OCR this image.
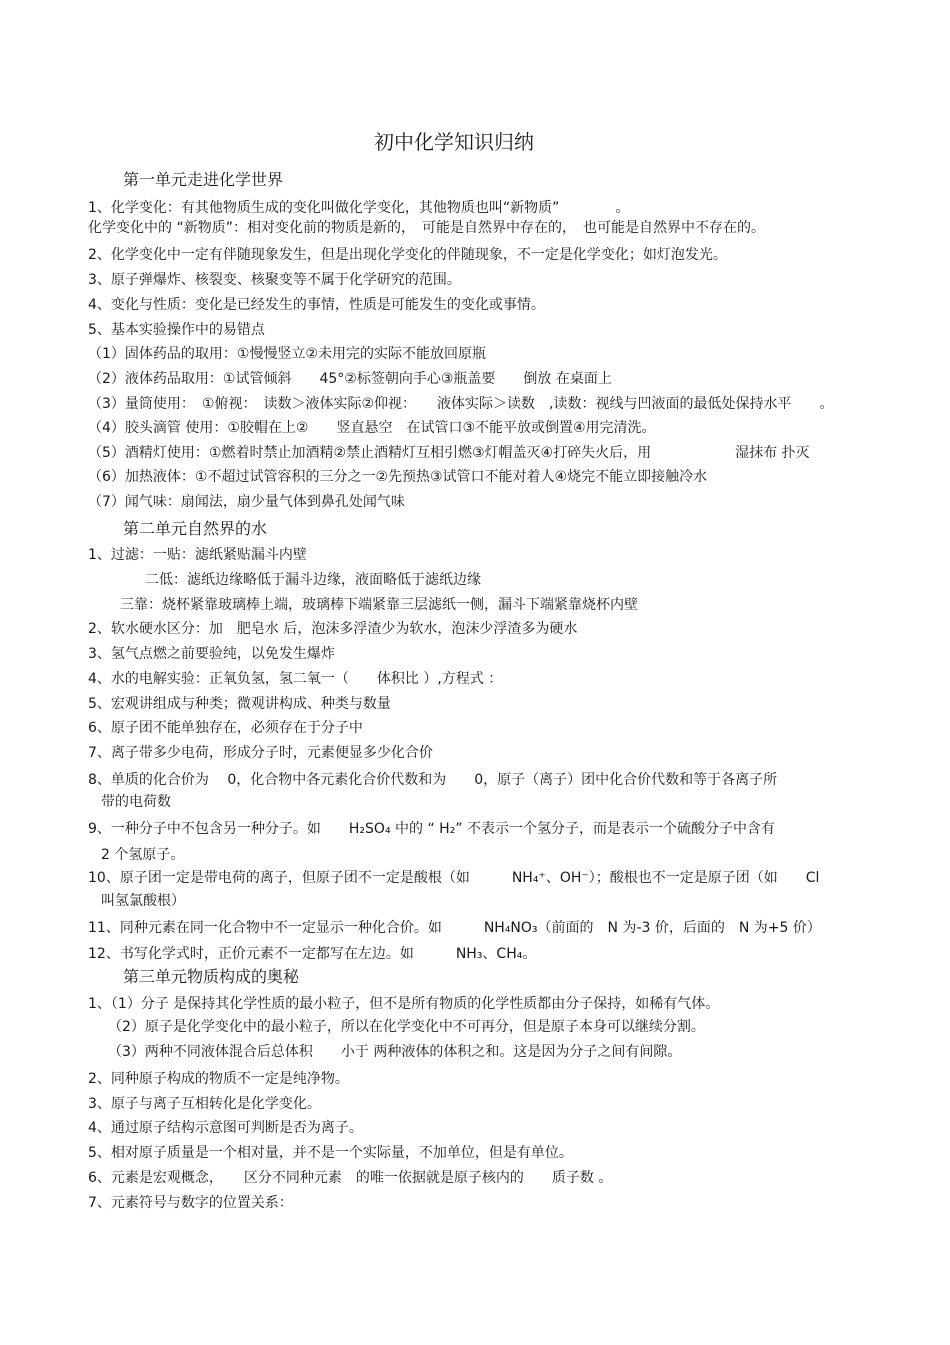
初中化学知识归纳
第一单元走进化学世界
1、化学变化：有其他物质生成的变化叫做化学变化，其他物质也叫“新物质”　　　　。
化学变化中的 “新物质”：相对变化前的物质是新的，　可能是自然界中存在的，　也可能是自然界中不存在的。
2、化学变化中一定有伴随现象发生，但是出现化学变化的伴随现象，不一定是化学变化；如灯泡发光。
3、原子弹爆炸、核裂变、核聚变等不属于化学研究的范围。
4、变化与性质：变化是已经发生的事情，性质是可能发生的变化或事情。
5、基本实验操作中的易错点
（1）固体药品的取用：①慢慢竖立②未用完的实际不能放回原瓶
（2）液体药品取用：①试管倾斜　　45°②标签朝向手心③瓶盖要　　倒放 在桌面上
（3）量筒使用：　①俯视：　读数＞液体实际②仰视：　　液体实际＞读数　,读数：视线与凹液面的最低处保持水平　　。
（4）胶头滴管 使用：①胶帽在上②　　竖直悬空　在试管口③不能平放或倒置④用完清洗。
（5）酒精灯使用：①燃着时禁止加酒精②禁止酒精灯互相引燃③灯帽盖灭④打碎失火后，用　　　　　　湿抹布 扑灭
（6）加热液体：①不超过试管容积的三分之一②先预热③试管口不能对着人④烧完不能立即接触冷水
（7）闻气味：扇闻法，扇少量气体到鼻孔处闻气味
第二单元自然界的水
1、过滤：一贴：滤纸紧贴漏斗内壁
二低：滤纸边缘略低于漏斗边缘，液面略低于滤纸边缘
三靠：烧杯紧靠玻璃棒上端，玻璃棒下端紧靠三层滤纸一侧，漏斗下端紧靠烧杯内壁
2、软水硬水区分：加　肥皂水 后，泡沫多浮渣少为软水，泡沫少浮渣多为硬水
3、氢气点燃之前要验纯，以免发生爆炸
4、水的电解实验：正氧负氢，氢二氧一（　　体积比 ）,方程式 ：
5、宏观讲组成与种类；微观讲构成、种类与数量
6、原子团不能单独存在，必须存在于分子中
7、离子带多少电荷，形成分子时，元素便显多少化合价
8、单质的化合价为　 0，化合物中各元素化合价代数和为　　0，原子（离子）团中化合价代数和等于各离子所
带的电荷数
9、一种分子中不包含另一种分子。如　　H₂SO₄ 中的 “ H₂” 不表示一个氢分子，而是表示一个硫酸分子中含有
2 个氢原子。
10、原子团一定是带电荷的离子，但原子团不一定是酸根（如　　　NH₄⁺、OH⁻）；酸根也不一定是原子团（如　　Cl
叫氢氯酸根）
11、同种元素在同一化合物中不一定显示一种化合价。如　　　NH₄NO₃（前面的　N 为-3 价，后面的　N 为+5 价）
12、书写化学式时，正价元素不一定都写在左边。如　　　NH₃、CH₄。
第三单元物质构成的奥秘
1、（1）分子 是保持其化学性质的最小粒子，但不是所有物质的化学性质都由分子保持，如稀有气体。
（2）原子是化学变化中的最小粒子，所以在化学变化中不可再分，但是原子本身可以继续分割。
（3）两种不同液体混合后总体积　　小于 两种液体的体积之和。这是因为分子之间有间隙。
2、同种原子构成的物质不一定是纯净物。
3、原子与离子互相转化是化学变化。
4、通过原子结构示意图可判断是否为离子。
5、相对原子质量是一个相对量，并不是一个实际量，不加单位，但是有单位。
6、元素是宏观概念，　　区分不同种元素　的唯一依据就是原子核内的　　质子数 。
7、元素符号与数字的位置关系：
